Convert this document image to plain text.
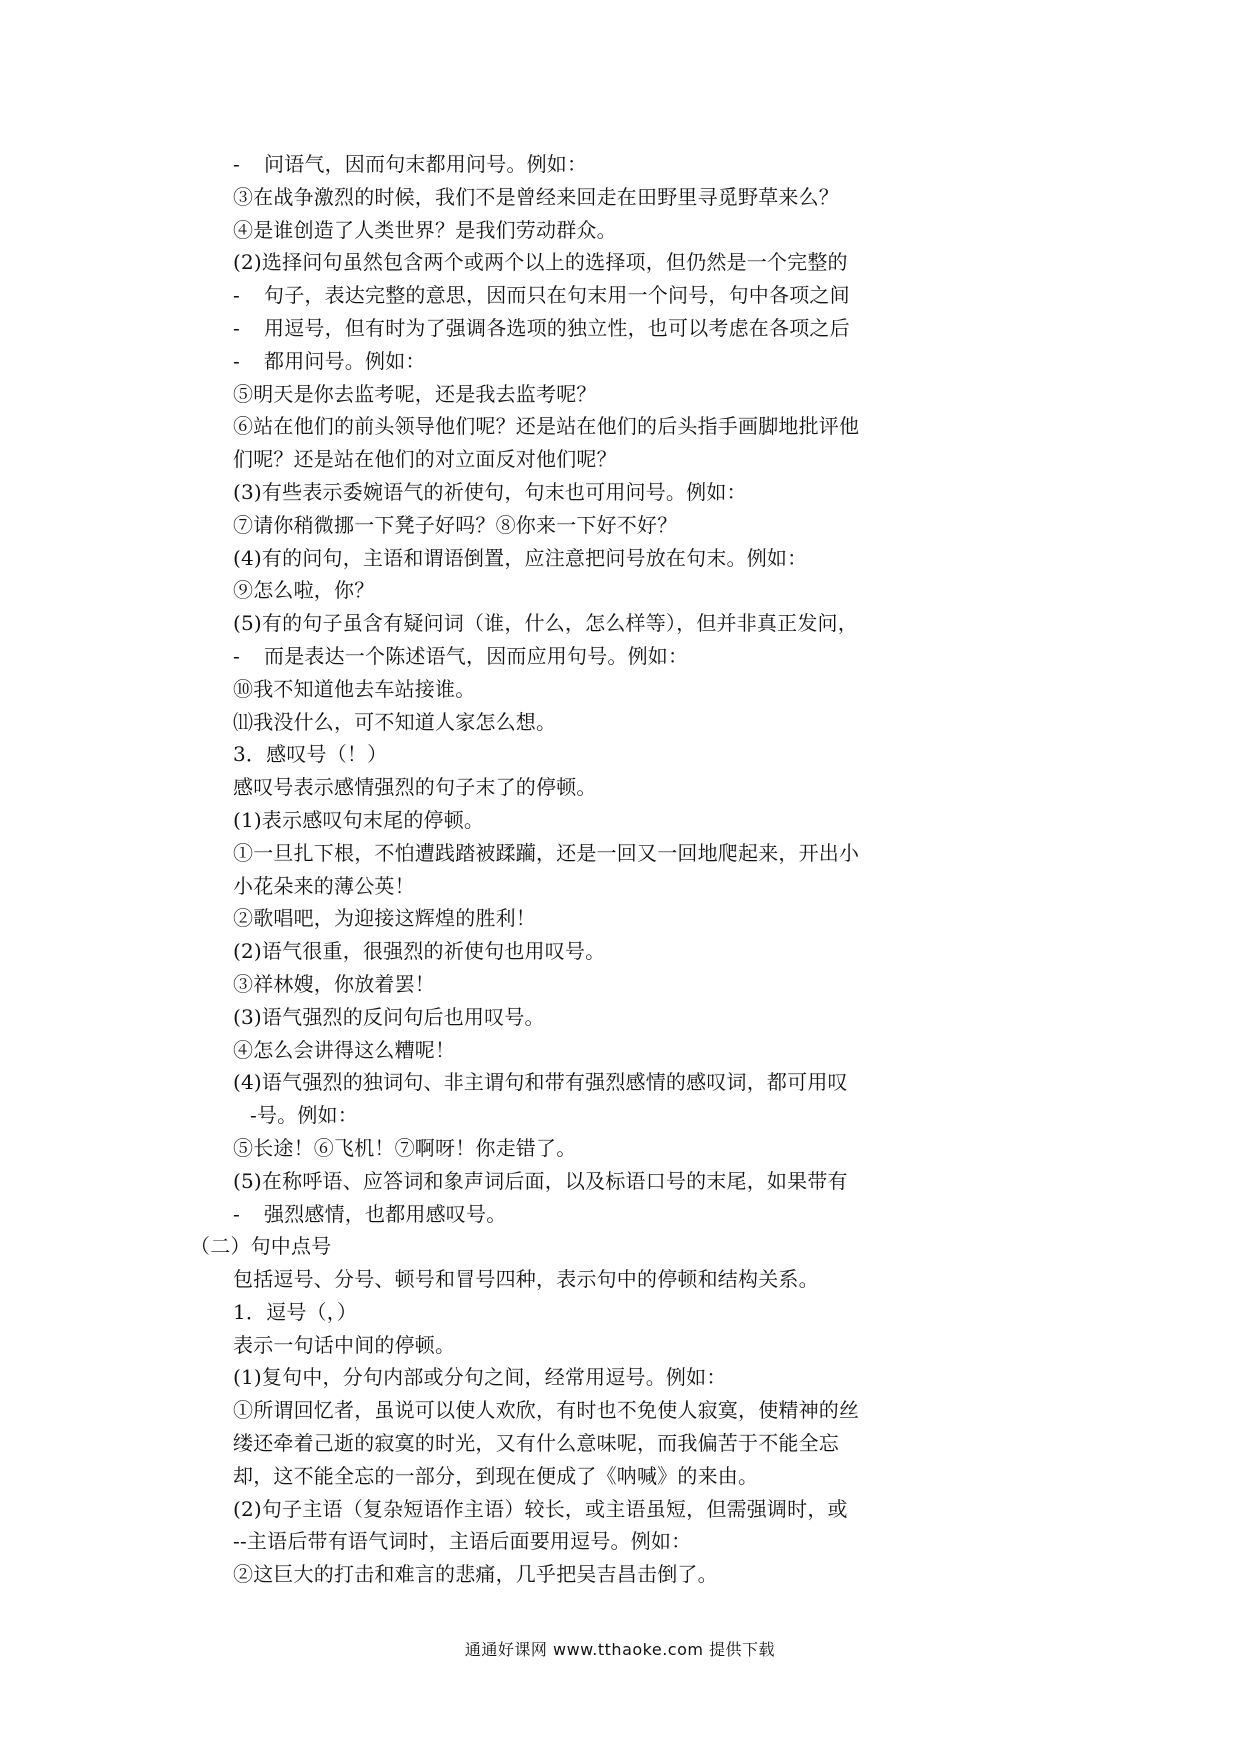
- 问语气，因而句末都用问号。例如：
③在战争激烈的时候，我们不是曾经来回走在田野里寻觅野草来么？
④是谁创造了人类世界？是我们劳动群众。
(2)选择问句虽然包含两个或两个以上的选择项，但仍然是一个完整的
- 句子，表达完整的意思，因而只在句末用一个问号，句中各项之间
- 用逗号，但有时为了强调各选项的独立性，也可以考虑在各项之后
- 都用问号。例如：
⑤明天是你去监考呢，还是我去监考呢？
⑥站在他们的前头领导他们呢？还是站在他们的后头指手画脚地批评他
们呢？还是站在他们的对立面反对他们呢？
(3)有些表示委婉语气的祈使句，句末也可用问号。例如：
⑦请你稍微挪一下凳子好吗？⑧你来一下好不好？
(4)有的问句，主语和谓语倒置，应注意把问号放在句末。例如：
⑨怎么啦，你？
(5)有的句子虽含有疑问词（谁，什么，怎么样等），但并非真正发问，
- 而是表达一个陈述语气，因而应用句号。例如：
⑩我不知道他去车站接谁。
⑾我没什么，可不知道人家怎么想。
3．感叹号（！）
感叹号表示感情强烈的句子末了的停顿。
(1)表示感叹句末尾的停顿。
①一旦扎下根，不怕遭践踏被蹂躏，还是一回又一回地爬起来，开出小
小花朵来的薄公英！
②歌唱吧，为迎接这辉煌的胜利！
(2)语气很重，很强烈的祈使句也用叹号。
③祥林嫂，你放着罢！
(3)语气强烈的反问句后也用叹号。
④怎么会讲得这么糟呢！
(4)语气强烈的独词句、非主谓句和带有强烈感情的感叹词，都可用叹
-号。例如：
⑤长途！⑥飞机！⑦啊呀！你走错了。
(5)在称呼语、应答词和象声词后面，以及标语口号的末尾，如果带有
- 强烈感情，也都用感叹号。
（二）句中点号
包括逗号、分号、顿号和冒号四种，表示句中的停顿和结构关系。
1．逗号（，）
表示一句话中间的停顿。
(1)复句中，分句内部或分句之间，经常用逗号。例如：
①所谓回忆者，虽说可以使人欢欣，有时也不免使人寂寞，使精神的丝
缕还牵着己逝的寂寞的时光，又有什么意味呢，而我偏苦于不能全忘
却，这不能全忘的一部分，到现在便成了《呐喊》的来由。
(2)句子主语（复杂短语作主语）较长，或主语虽短，但需强调时，或
--主语后带有语气词时，主语后面要用逗号。例如：
②这巨大的打击和难言的悲痛，几乎把吴吉昌击倒了。
通通好课网 www.tthaoke.com 提供下载
